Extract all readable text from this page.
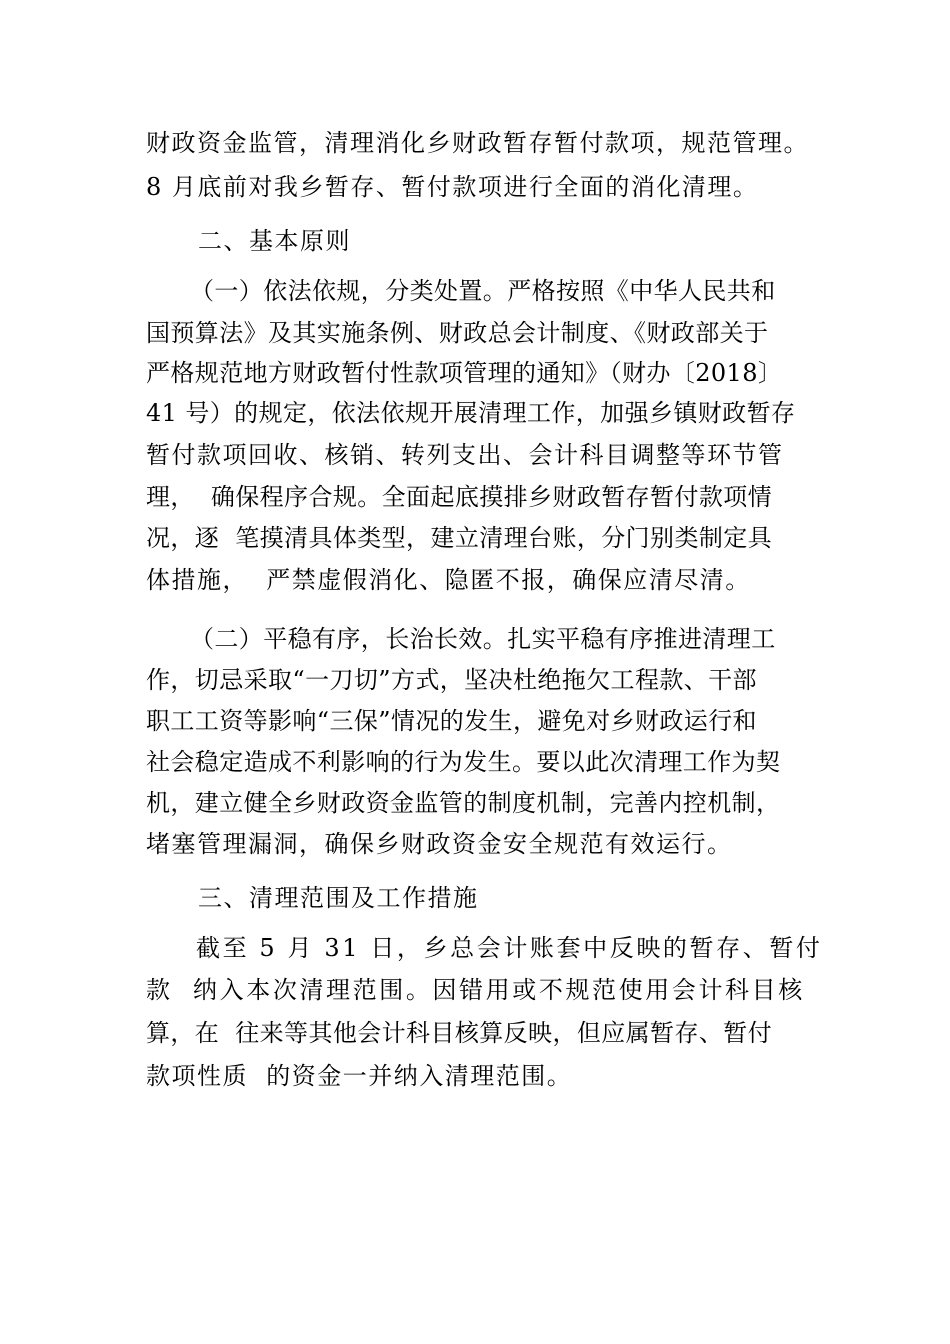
财政资金监管，清理消化乡财政暂存暂付款项，规范管理。
8 月底前对我乡暂存、暂付款项进行全面的消化清理。
二、基本原则
（一）依法依规，分类处置。严格按照《中华人民共和
国预算法》及其实施条例、财政总会计制度、《财政部关于
严格规范地方财政暂付性款项管理的通知》（财办〔2018〕
41 号）的规定，依法依规开展清理工作，加强乡镇财政暂存
暂付款项回收、核销、转列支出、会计科目调整等环节管
理，  确保程序合规。全面起底摸排乡财政暂存暂付款项情
况，逐  笔摸清具体类型，建立清理台账，分门别类制定具
体措施，  严禁虚假消化、隐匿不报，确保应清尽清。
（二）平稳有序，长治长效。扎实平稳有序推进清理工
作，切忌采取“一刀切”方式，坚决杜绝拖欠工程款、干部
职工工资等影响“三保”情况的发生，避免对乡财政运行和
社会稳定造成不利影响的行为发生。要以此次清理工作为契
机，建立健全乡财政资金监管的制度机制，完善内控机制，
堵塞管理漏洞，确保乡财政资金安全规范有效运行。
三、清理范围及工作措施
截至 5 月 31 日，乡总会计账套中反映的暂存、暂付
款  纳入本次清理范围。因错用或不规范使用会计科目核
算，在  往来等其他会计科目核算反映，但应属暂存、暂付
款项性质  的资金一并纳入清理范围。
